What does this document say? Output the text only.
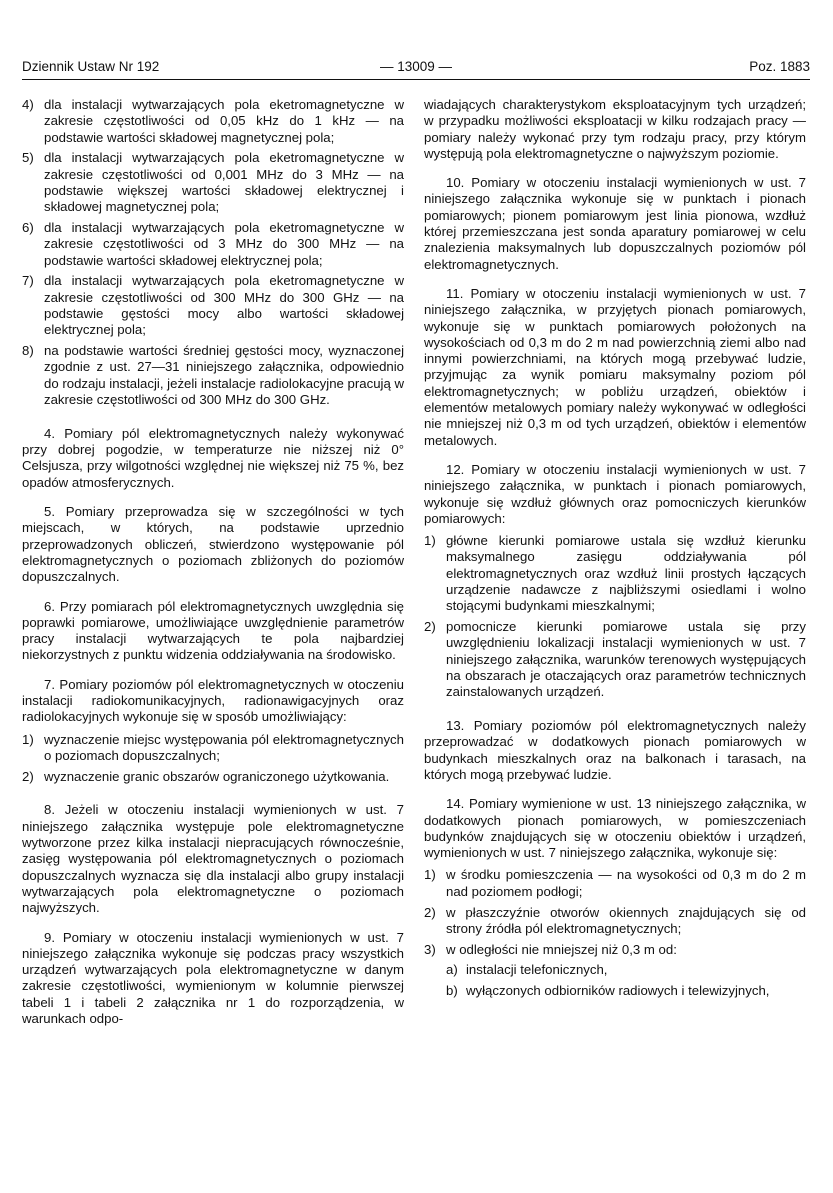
Dziennik Ustaw Nr 192	— 13009 —	Poz. 1883
4) dla instalacji wytwarzających pola eketromagnetyczne w zakresie częstotliwości od 0,05 kHz do 1 kHz — na podstawie wartości składowej magnetycznej pola;
5) dla instalacji wytwarzających pola eketromagnetyczne w zakresie częstotliwości od 0,001 MHz do 3 MHz — na podstawie większej wartości składowej elektrycznej i składowej magnetycznej pola;
6) dla instalacji wytwarzających pola eketromagnetyczne w zakresie częstotliwości od 3 MHz do 300 MHz — na podstawie wartości składowej elektrycznej pola;
7) dla instalacji wytwarzających pola eketromagnetyczne w zakresie częstotliwości od 300 MHz do 300 GHz — na podstawie gęstości mocy albo wartości składowej elektrycznej pola;
8) na podstawie wartości średniej gęstości mocy, wyznaczonej zgodnie z ust. 27—31 niniejszego załącznika, odpowiednio do rodzaju instalacji, jeżeli instalacje radiolokacyjne pracują w zakresie częstotliwości od 300 MHz do 300 GHz.

4. Pomiary pól elektromagnetycznych należy wykonywać przy dobrej pogodzie, w temperaturze nie niższej niż 0° Celsjusza, przy wilgotności względnej nie większej niż 75 %, bez opadów atmosferycznych.

5. Pomiary przeprowadza się w szczególności w tych miejscach, w których, na podstawie uprzednio przeprowadzonych obliczeń, stwierdzono występowanie pól elektromagnetycznych o poziomach zbliżonych do poziomów dopuszczalnych.

6. Przy pomiarach pól elektromagnetycznych uwzględnia się poprawki pomiarowe, umożliwiające uwzględnienie parametrów pracy instalacji wytwarzających te pola najbardziej niekorzystnych z punktu widzenia oddziaływania na środowisko.

7. Pomiary poziomów pól elektromagnetycznych w otoczeniu instalacji radiokomunikacyjnych, radionawigacyjnych oraz radiolokacyjnych wykonuje się w sposób umożliwiający:

1) wyznaczenie miejsc występowania pól elektromagnetycznych o poziomach dopuszczalnych;
2) wyznaczenie granic obszarów ograniczonego użytkowania.

8. Jeżeli w otoczeniu instalacji wymienionych w ust. 7 niniejszego załącznika występuje pole elektromagnetyczne wytworzone przez kilka instalacji niepracujących równocześnie, zasięg występowania pól elektromagnetycznych o poziomach dopuszczalnych wyznacza się dla instalacji albo grupy instalacji wytwarzających pola elektromagnetyczne o poziomach najwyższych.

9. Pomiary w otoczeniu instalacji wymienionych w ust. 7 niniejszego załącznika wykonuje się podczas pracy wszystkich urządzeń wytwarzających pola elektromagnetyczne w danym zakresie częstotliwości, wymienionym w kolumnie pierwszej tabeli 1 i tabeli 2 załącznika nr 1 do rozporządzenia, w warunkach odpo-

wiadających charakterystykom eksploatacyjnym tych urządzeń; w przypadku możliwości eksploatacji w kilku rodzajach pracy — pomiary należy wykonać przy tym rodzaju pracy, przy którym występują pola elektromagnetyczne o najwyższym poziomie.

10. Pomiary w otoczeniu instalacji wymienionych w ust. 7 niniejszego załącznika wykonuje się w punktach i pionach pomiarowych; pionem pomiarowym jest linia pionowa, wzdłuż której przemieszczana jest sonda aparatury pomiarowej w celu znalezienia maksymalnych lub dopuszczalnych poziomów pól elektromagnetycznych.

11. Pomiary w otoczeniu instalacji wymienionych w ust. 7 niniejszego załącznika, w przyjętych pionach pomiarowych, wykonuje się w punktach pomiarowych położonych na wysokościach od 0,3 m do 2 m nad powierzchnią ziemi albo nad innymi powierzchniami, na których mogą przebywać ludzie, przyjmując za wynik pomiaru maksymalny poziom pól elektromagnetycznych; w pobliżu urządzeń, obiektów i elementów metalowych pomiary należy wykonywać w odległości nie mniejszej niż 0,3 m od tych urządzeń, obiektów i elementów metalowych.

12. Pomiary w otoczeniu instalacji wymienionych w ust. 7 niniejszego załącznika, w punktach i pionach pomiarowych, wykonuje się wzdłuż głównych oraz pomocniczych kierunków pomiarowych:

1) główne kierunki pomiarowe ustala się wzdłuż kierunku maksymalnego zasięgu oddziaływania pól elektromagnetycznych oraz wzdłuż linii prostych łączących urządzenie nadawcze z najbliższymi osiedlami i wolno stojącymi budynkami mieszkalnymi;
2) pomocnicze kierunki pomiarowe ustala się przy uwzględnieniu lokalizacji instalacji wymienionych w ust. 7 niniejszego załącznika, warunków terenowych występujących na obszarach je otaczających oraz parametrów technicznych zainstalowanych urządzeń.

13. Pomiary poziomów pól elektromagnetycznych należy przeprowadzać w dodatkowych pionach pomiarowych w budynkach mieszkalnych oraz na balkonach i tarasach, na których mogą przebywać ludzie.

14. Pomiary wymienione w ust. 13 niniejszego załącznika, w dodatkowych pionach pomiarowych, w pomieszczeniach budynków znajdujących się w otoczeniu obiektów i urządzeń, wymienionych w ust. 7 niniejszego załącznika, wykonuje się:

1) w środku pomieszczenia — na wysokości od 0,3 m do 2 m nad poziomem podłogi;
2) w płaszczyźnie otworów okiennych znajdujących się od strony źródła pól elektromagnetycznych;
3) w odległości nie mniejszej niż 0,3 m od:
a) instalacji telefonicznych,
b) wyłączonych odbiorników radiowych i telewizyjnych,
